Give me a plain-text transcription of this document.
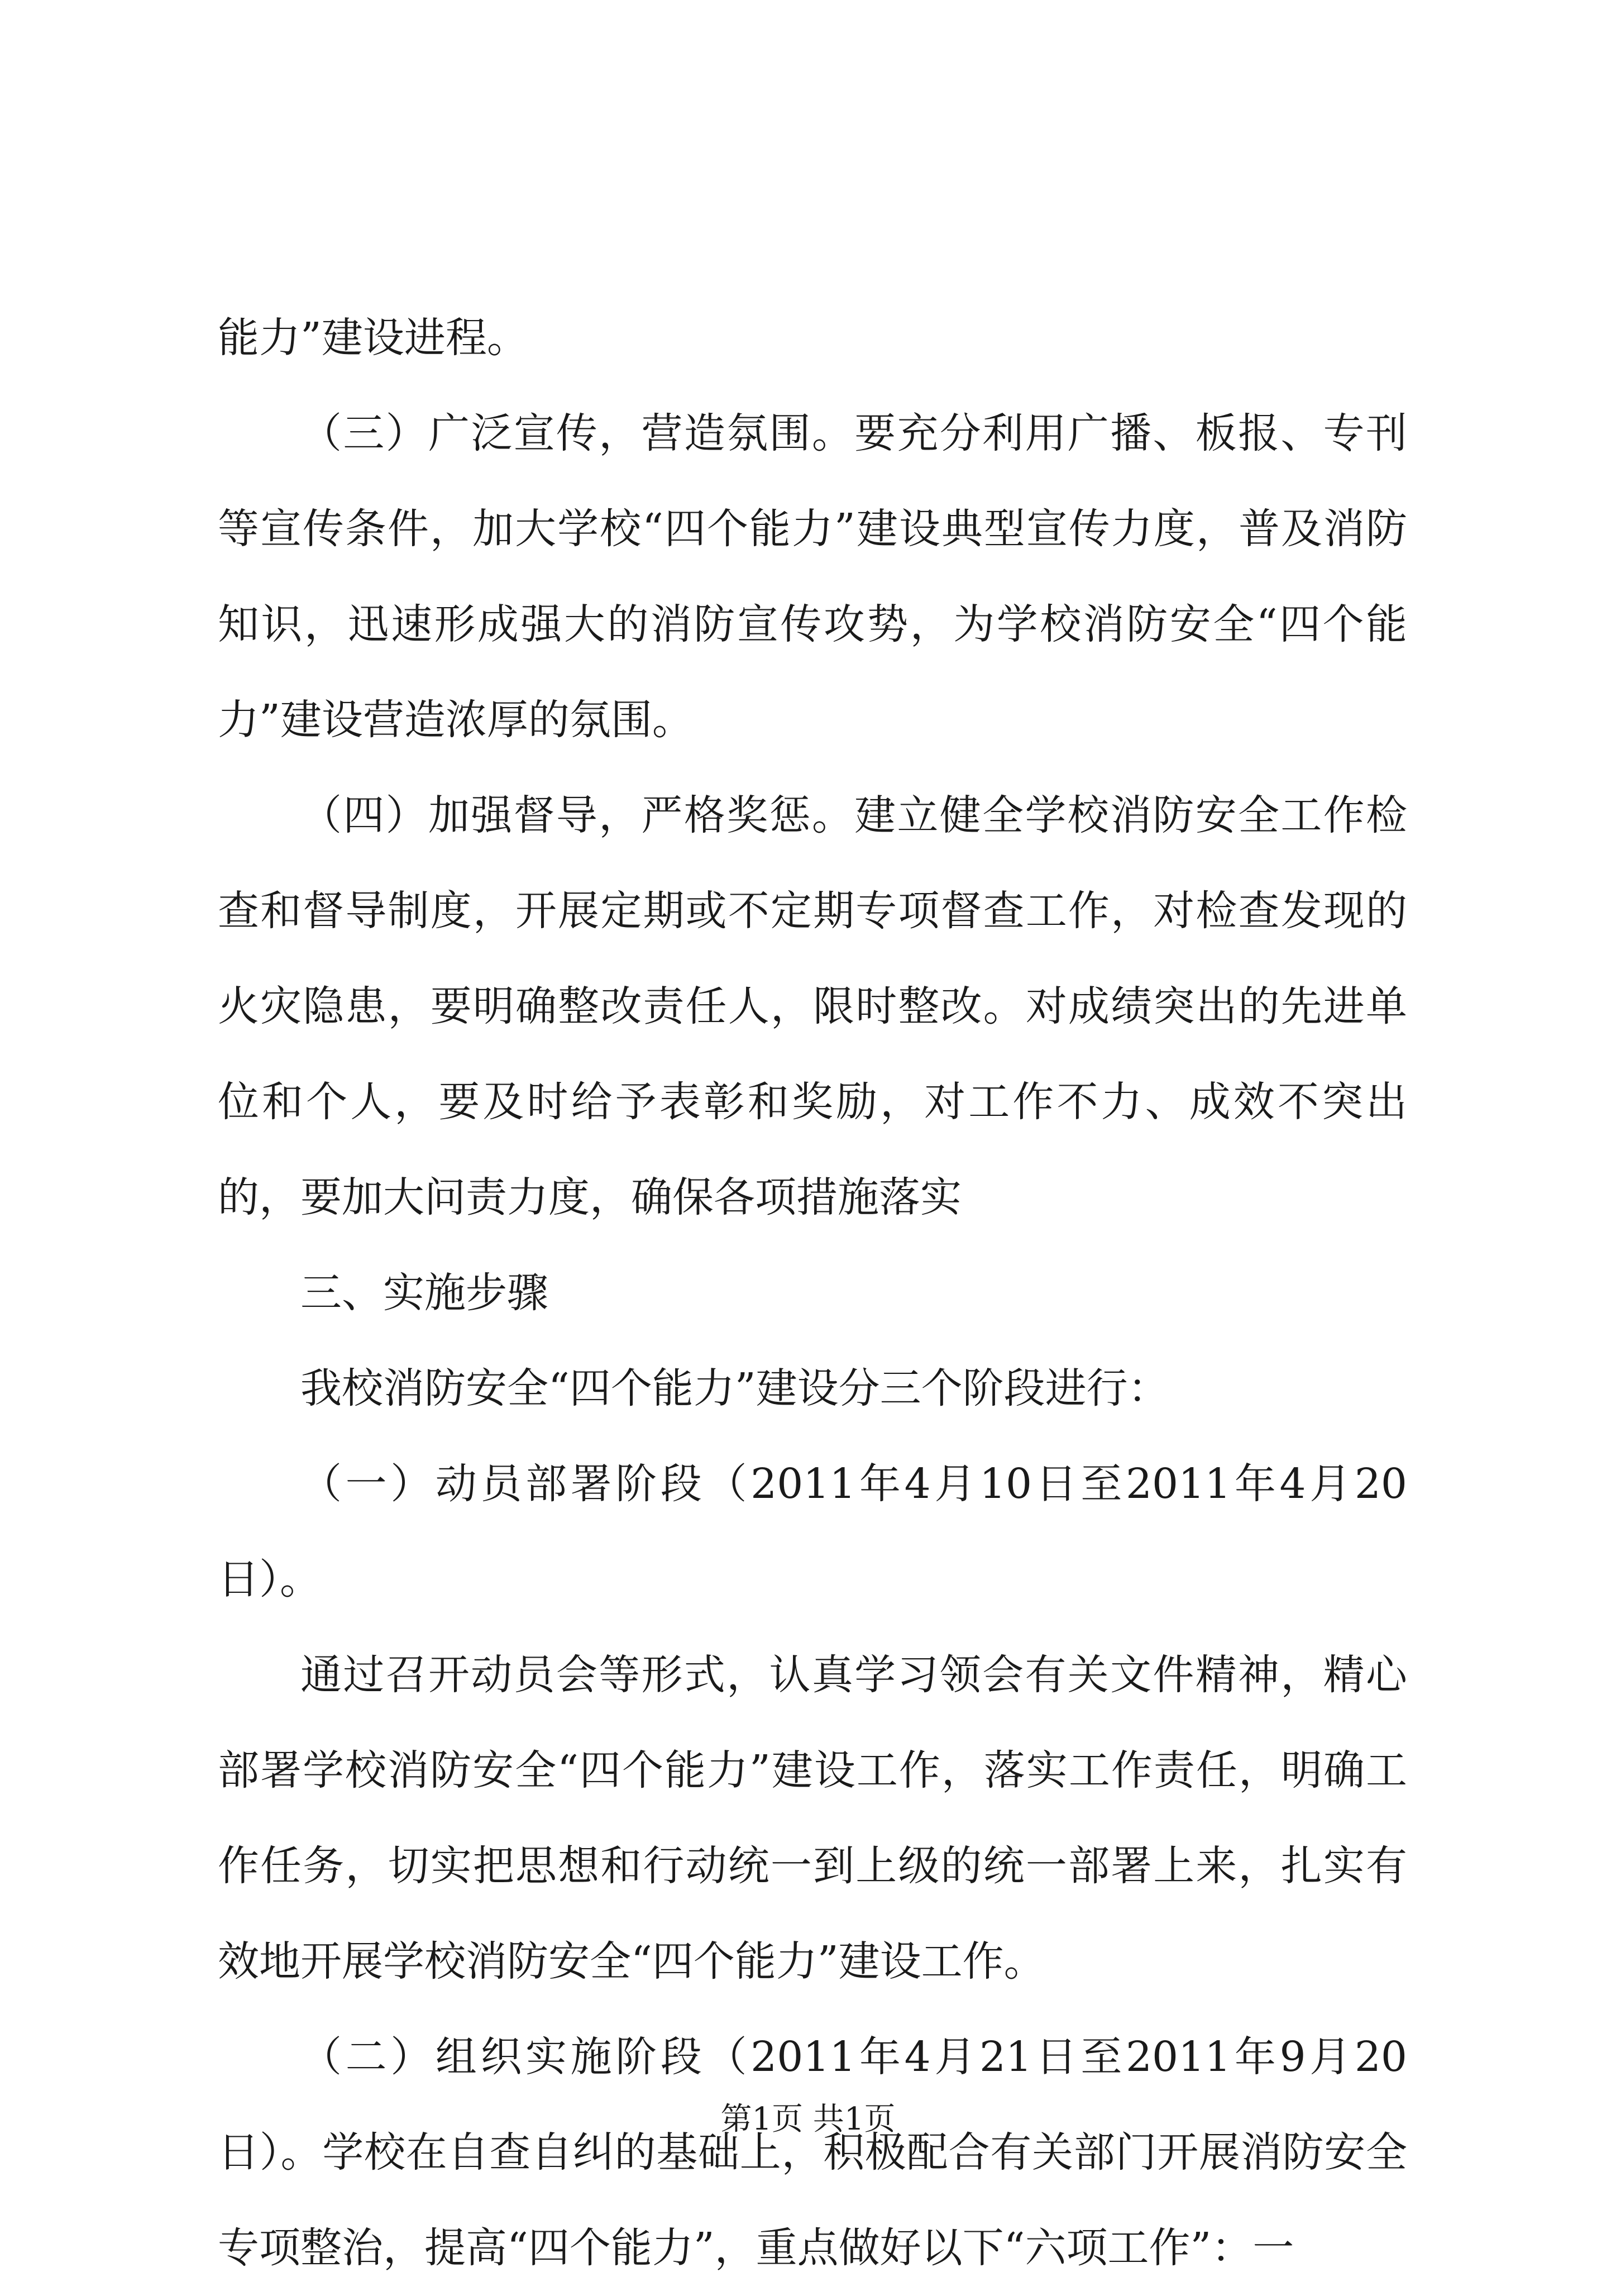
能力”建设进程。

（三）广泛宣传，营造氛围。要充分利用广播、板报、专刊等宣传条件，加大学校“四个能力”建设典型宣传力度，普及消防知识，迅速形成强大的消防宣传攻势，为学校消防安全“四个能力”建设营造浓厚的氛围。

（四）加强督导，严格奖惩。建立健全学校消防安全工作检查和督导制度，开展定期或不定期专项督查工作，对检查发现的火灾隐患，要明确整改责任人，限时整改。对成绩突出的先进单位和个人，要及时给予表彰和奖励，对工作不力、成效不突出的，要加大问责力度，确保各项措施落实

三、实施步骤

我校消防安全“四个能力”建设分三个阶段进行：

（一）动员部署阶段（2011年4月10日至2011年4月20日）。

通过召开动员会等形式，认真学习领会有关文件精神，精心部署学校消防安全“四个能力”建设工作，落实工作责任，明确工作任务，切实把思想和行动统一到上级的统一部署上来，扎实有效地开展学校消防安全“四个能力”建设工作。

（二）组织实施阶段（2011年4月21日至2011年9月20日）。学校在自查自纠的基础上，积极配合有关部门开展消防安全专项整治，提高“四个能力”，重点做好以下“六项工作”：一

第1页 共1页
